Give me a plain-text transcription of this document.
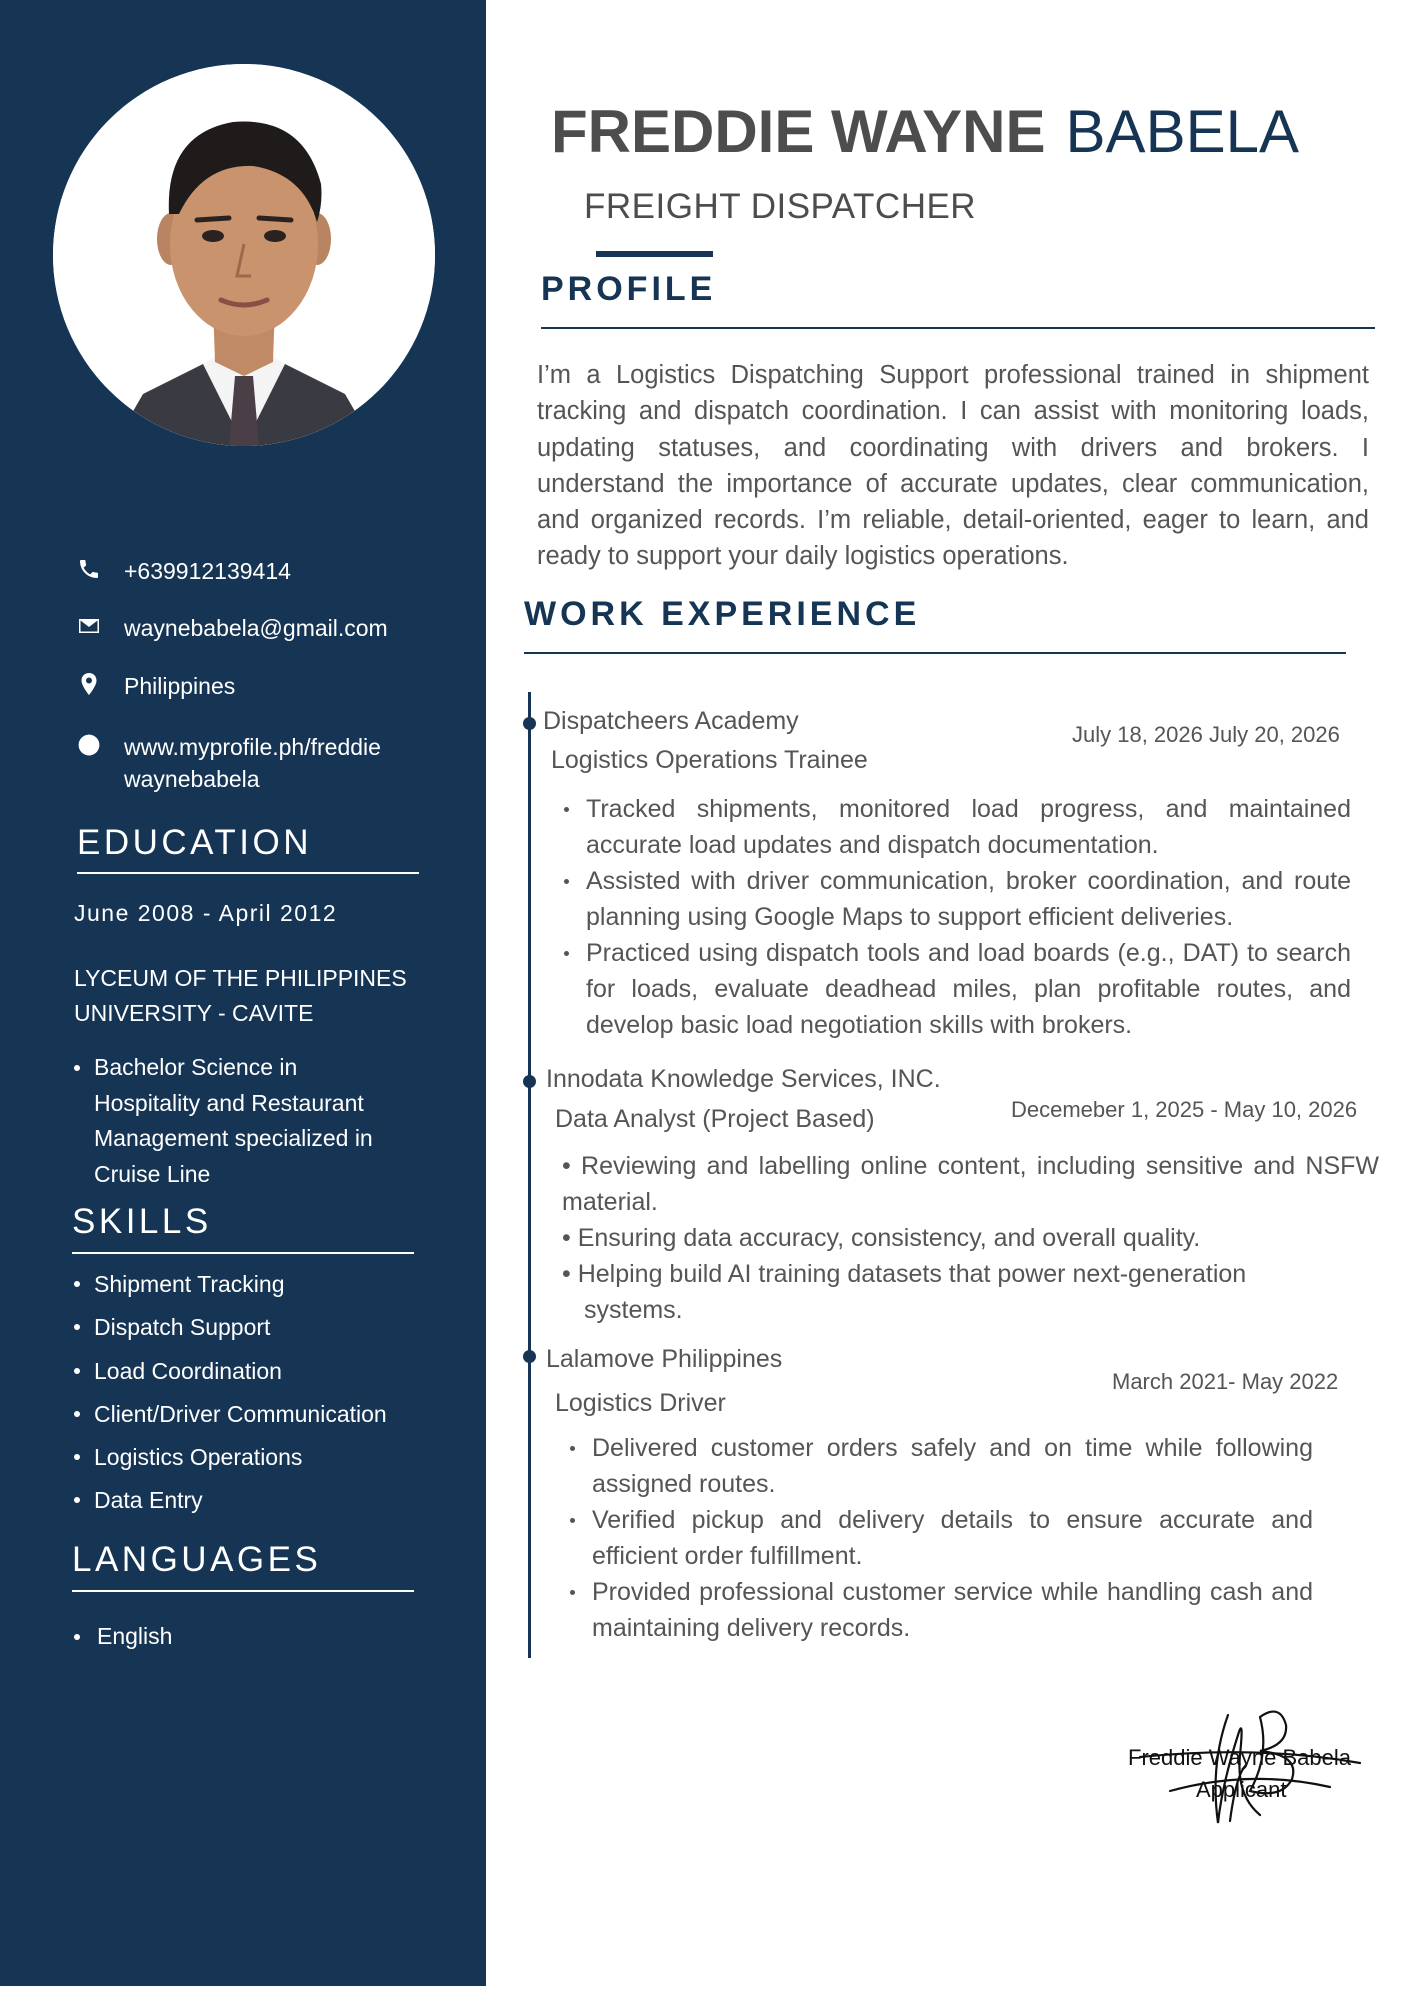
+639912139414
waynebabela@gmail.com
Philippines
www.myprofile.ph/freddie
waynebabela
EDUCATION
June 2008 - April 2012
LYCEUM OF THE PHILIPPINES
UNIVERSITY - CAVITE
Bachelor Science in
Hospitality and Restaurant
Management specialized in
Cruise Line
SKILLS
Shipment Tracking
Dispatch Support
Load Coordination
Client/Driver Communication
Logistics Operations
Data Entry
LANGUAGES
English
FREDDIE WAYNE BABELA
FREIGHT DISPATCHER
PROFILE

I’m a Logistics Dispatching Support professional trained in shipment tracking and dispatch coordination. I can assist with monitoring loads, updating statuses, and coordinating with drivers and brokers. I understand the importance of accurate updates, clear communication, and organized records. I’m reliable, detail-oriented, eager to learn, and ready to support your daily logistics operations.

WORK EXPERIENCE
Dispatcheers Academy
Logistics Operations Trainee
July 18, 2026 July 20, 2026
Tracked shipments, monitored load progress, and maintained accurate load updates and dispatch documentation.
Assisted with driver communication, broker coordination, and route planning using Google Maps to support efficient deliveries.
Practiced using dispatch tools and load boards (e.g., DAT) to search for loads, evaluate deadhead miles, plan profitable routes, and develop basic load negotiation skills with brokers.
Innodata Knowledge Services, INC.
Data Analyst (Project Based)	Decemeber 1, 2025 - May 10, 2026
• Reviewing and labelling online content, including sensitive and NSFW material.
• Ensuring data accuracy, consistency, and overall quality.
• Helping build AI training datasets that power next-generation
systems.
Lalamove Philippines
Logistics Driver
March 2021- May 2022
Delivered customer orders safely and on time while following assigned routes.
Verified pickup and delivery details to ensure accurate and efficient order fulfillment.
Provided professional customer service while handling cash and maintaining delivery records.
Freddie Wayne Babela
Applicant
